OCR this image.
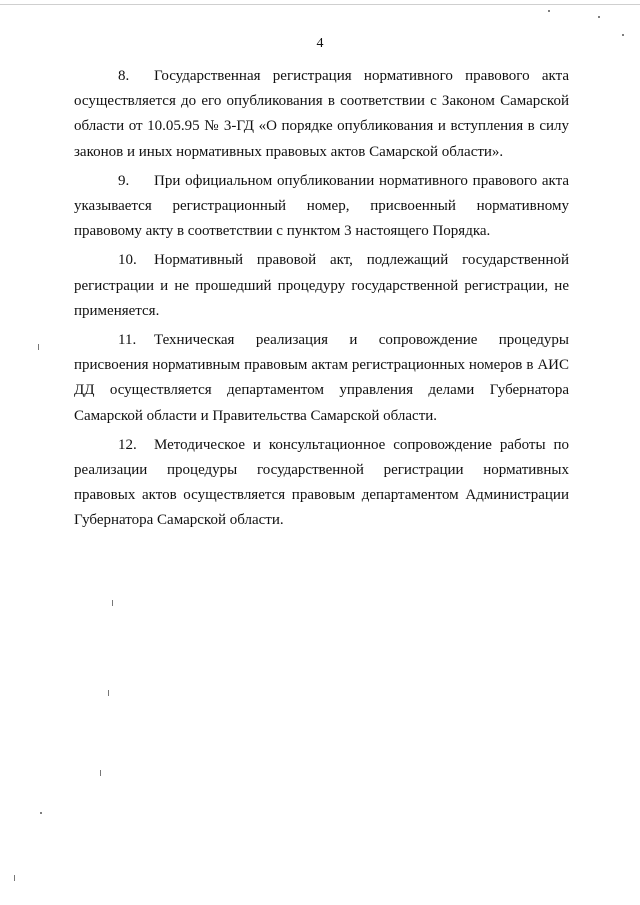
4

8. Государственная регистрация нормативного правового акта осуществляется до его опубликования в соответствии с Законом Самарской области от 10.05.95 № 3-ГД «О порядке опубликования и вступления в силу законов и иных нормативных правовых актов Самарской области».

9. При официальном опубликовании нормативного правового акта указывается регистрационный номер, присвоенный нормативному правовому акту в соответствии с пунктом 3 настоящего Порядка.

10. Нормативный правовой акт, подлежащий государственной регистрации и не прошедший процедуру государственной регистрации, не применяется.

11. Техническая реализация и сопровождение процедуры присвоения нормативным правовым актам регистрационных номеров в АИС ДД осуществляется департаментом управления делами Губернатора Самарской области и Правительства Самарской области.

12. Методическое и консультационное сопровождение работы по реализации процедуры государственной регистрации нормативных правовых актов осуществляется правовым департаментом Администрации Губернатора Самарской области.
